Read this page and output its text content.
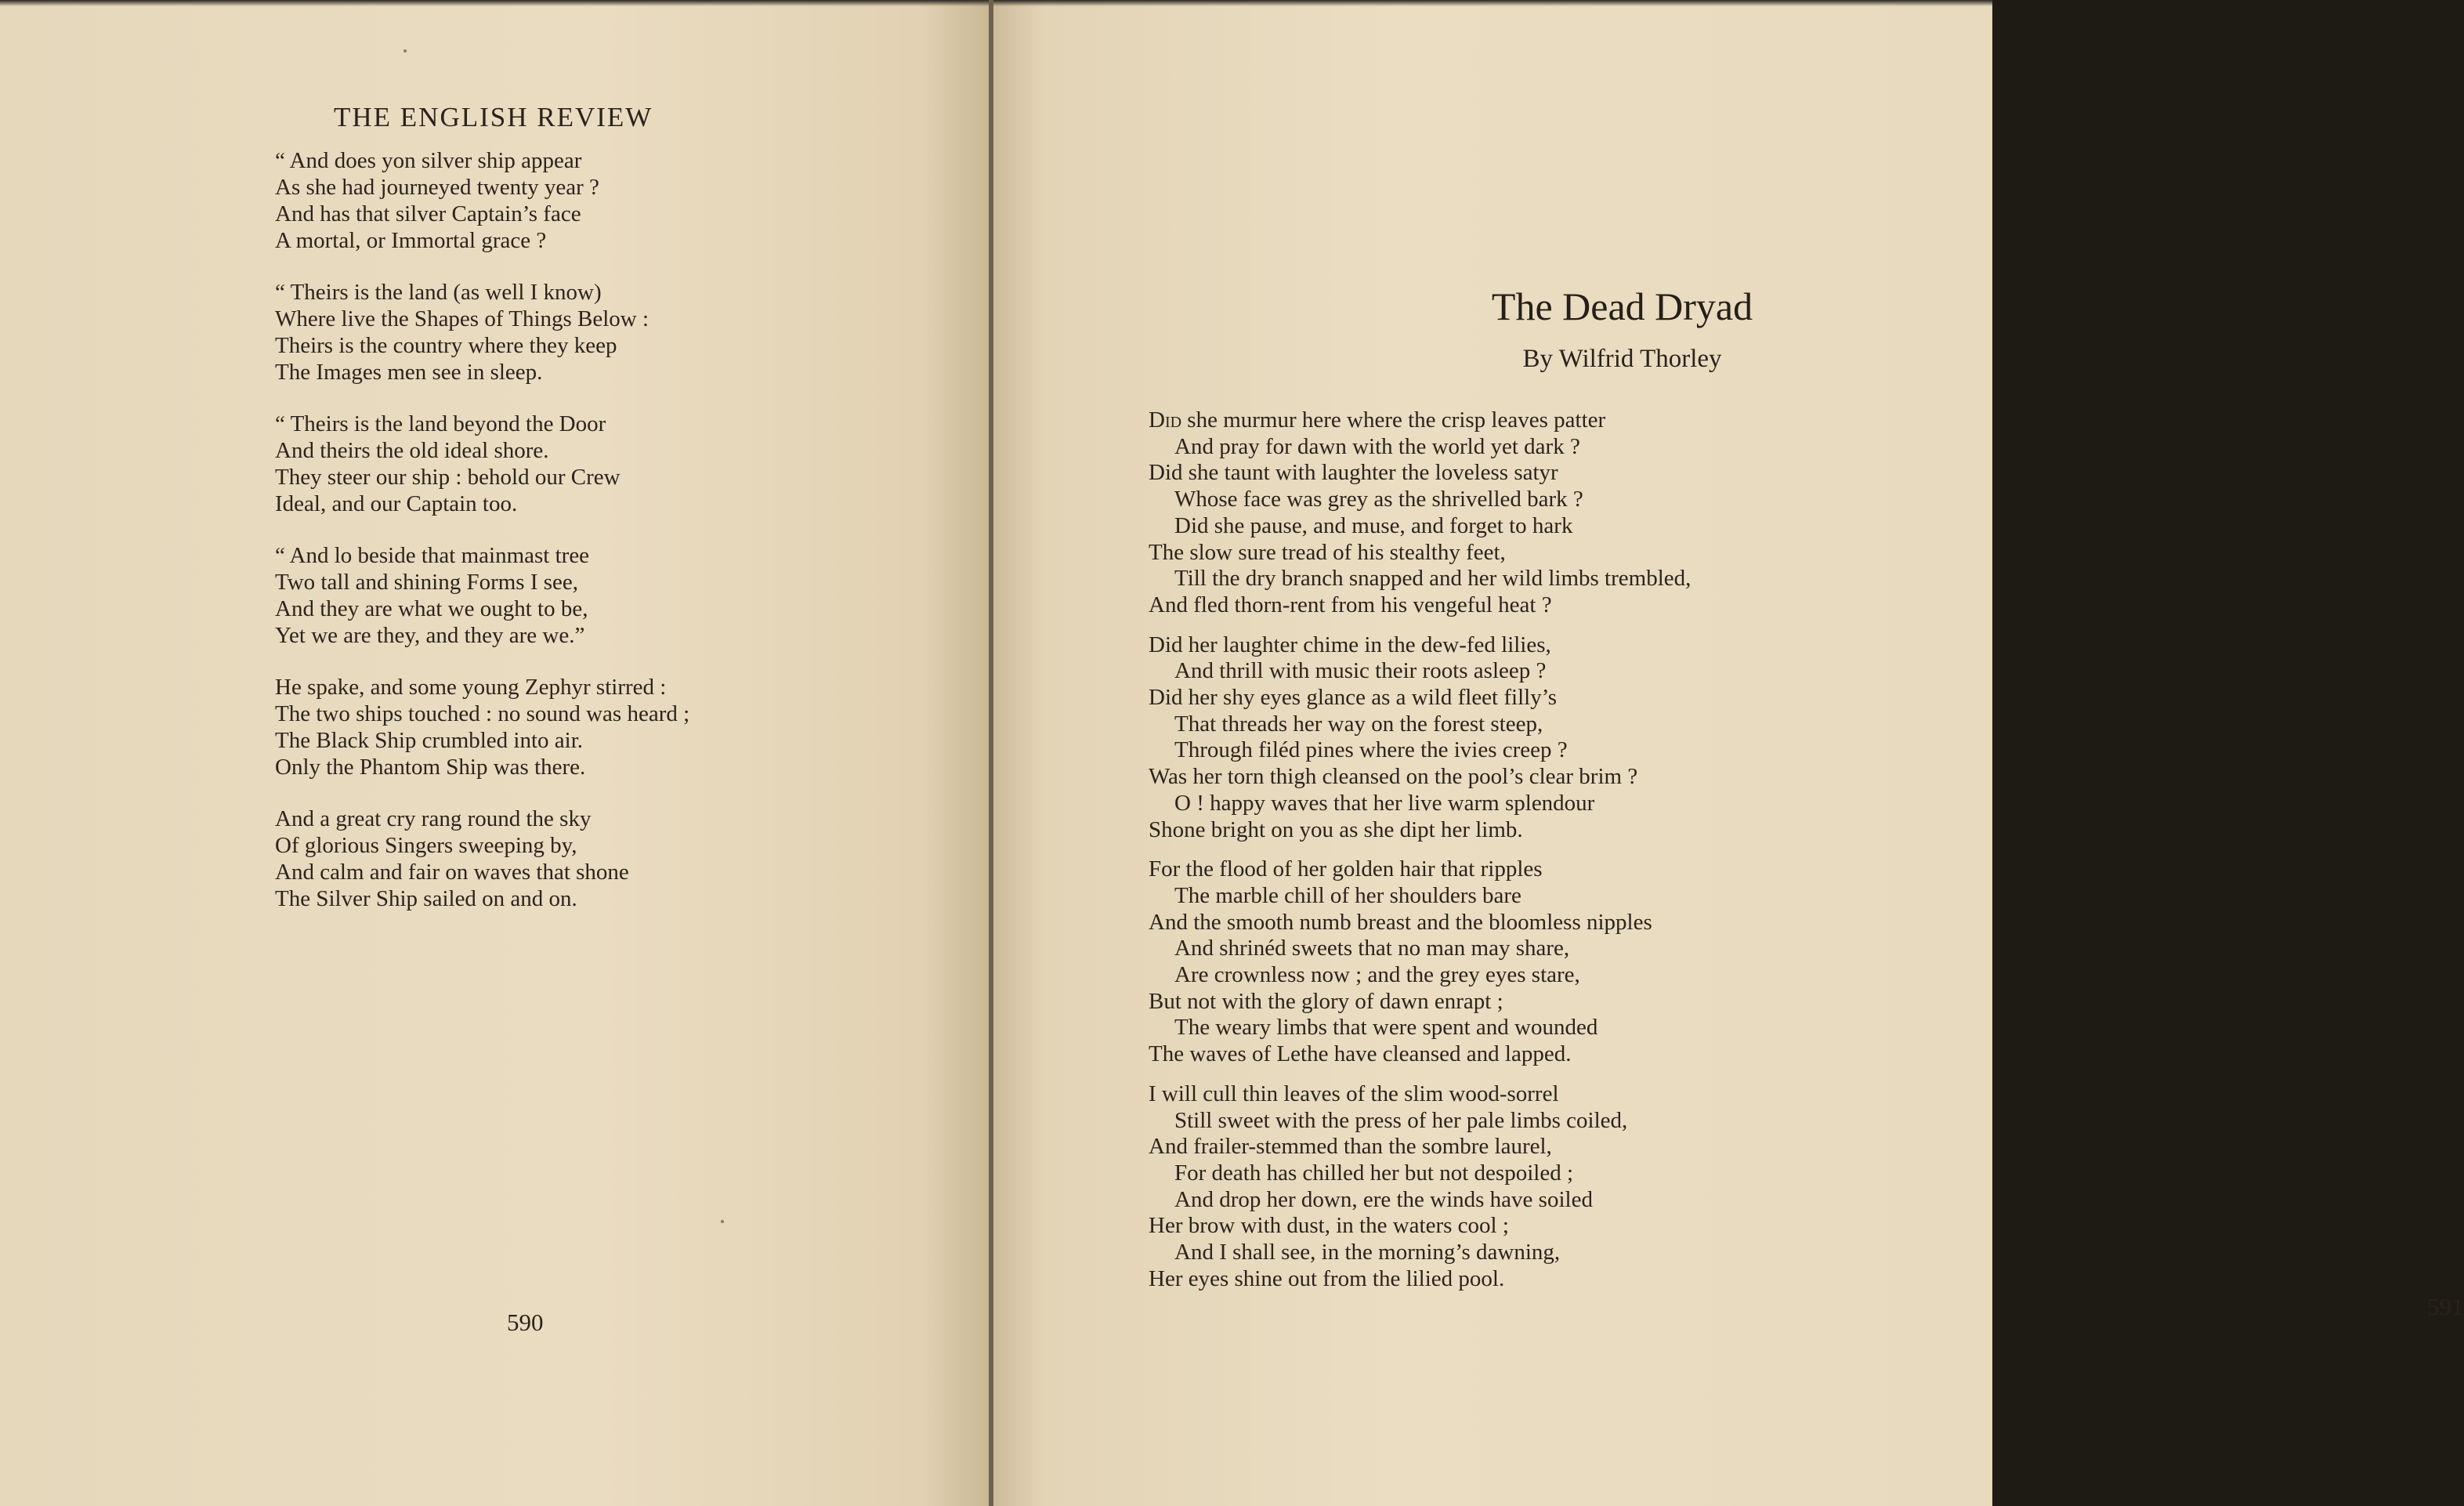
THE ENGLISH REVIEW
“ And does yon silver ship appear
As she had journeyed twenty year ?
And has that silver Captain’s face
A mortal, or Immortal grace ?
“ Theirs is the land (as well I know)
Where live the Shapes of Things Below :
Theirs is the country where they keep
The Images men see in sleep.
“ Theirs is the land beyond the Door
And theirs the old ideal shore.
They steer our ship : behold our Crew
Ideal, and our Captain too.
“ And lo beside that mainmast tree
Two tall and shining Forms I see,
And they are what we ought to be,
Yet we are they, and they are we.”
He spake, and some young Zephyr stirred :
The two ships touched : no sound was heard ;
The Black Ship crumbled into air.
Only the Phantom Ship was there.
And a great cry rang round the sky
Of glorious Singers sweeping by,
And calm and fair on waves that shone
The Silver Ship sailed on and on.
590
The Dead Dryad
By Wilfrid Thorley
Did she murmur here where the crisp leaves patter
And pray for dawn with the world yet dark ?
Did she taunt with laughter the loveless satyr
Whose face was grey as the shrivelled bark ?
Did she pause, and muse, and forget to hark
The slow sure tread of his stealthy feet,
Till the dry branch snapped and her wild limbs trembled,
And fled thorn-rent from his vengeful heat ?
Did her laughter chime in the dew-fed lilies,
And thrill with music their roots asleep ?
Did her shy eyes glance as a wild fleet filly’s
That threads her way on the forest steep,
Through filéd pines where the ivies creep ?
Was her torn thigh cleansed on the pool’s clear brim ?
O ! happy waves that her live warm splendour
Shone bright on you as she dipt her limb.
For the flood of her golden hair that ripples
The marble chill of her shoulders bare
And the smooth numb breast and the bloomless nipples
And shrinéd sweets that no man may share,
Are crownless now ; and the grey eyes stare,
But not with the glory of dawn enrapt ;
The weary limbs that were spent and wounded
The waves of Lethe have cleansed and lapped.
I will cull thin leaves of the slim wood-sorrel
Still sweet with the press of her pale limbs coiled,
And frailer-stemmed than the sombre laurel,
For death has chilled her but not despoiled ;
And drop her down, ere the winds have soiled
Her brow with dust, in the waters cool ;
And I shall see, in the morning’s dawning,
Her eyes shine out from the lilied pool.
591
